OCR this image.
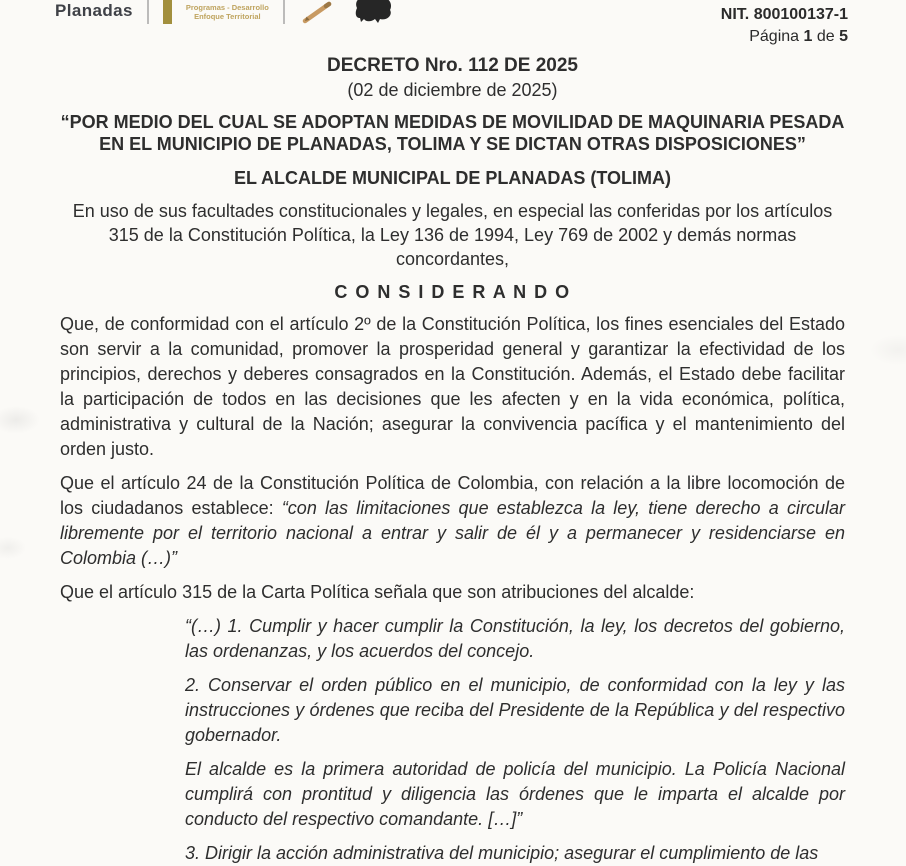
Planadas	Programas - Desarrollo
Enfoque Territorial	NIT. 800100137-1
Página 1 de 5
DECRETO Nro. 112 DE 2025
(02 de diciembre de 2025)
“POR MEDIO DEL CUAL SE ADOPTAN MEDIDAS DE MOVILIDAD DE MAQUINARIA PESADA EN EL MUNICIPIO DE PLANADAS, TOLIMA Y SE DICTAN OTRAS DISPOSICIONES”
EL ALCALDE MUNICIPAL DE PLANADAS (TOLIMA)

En uso de sus facultades constitucionales y legales, en especial las conferidas por los artículos 315 de la Constitución Política, la Ley 136 de 1994, Ley 769 de 2002 y demás normas concordantes,

C O N S I D E R A N D O

Que, de conformidad con el artículo 2º de la Constitución Política, los fines esenciales del Estado son servir a la comunidad, promover la prosperidad general y garantizar la efectividad de los principios, derechos y deberes consagrados en la Constitución. Además, el Estado debe facilitar la participación de todos en las decisiones que les afecten y en la vida económica, política, administrativa y cultural de la Nación; asegurar la convivencia pacífica y el mantenimiento del orden justo.

Que el artículo 24 de la Constitución Política de Colombia, con relación a la libre locomoción de los ciudadanos establece: “con las limitaciones que establezca la ley, tiene derecho a circular libremente por el territorio nacional a entrar y salir de él y a permanecer y residenciarse en Colombia (…)”

Que el artículo 315 de la Carta Política señala que son atribuciones del alcalde:

“(…) 1. Cumplir y hacer cumplir la Constitución, la ley, los decretos del gobierno, las ordenanzas, y los acuerdos del concejo.

2. Conservar el orden público en el municipio, de conformidad con la ley y las instrucciones y órdenes que reciba del Presidente de la República y del respectivo gobernador.

El alcalde es la primera autoridad de policía del municipio. La Policía Nacional cumplirá con prontitud y diligencia las órdenes que le imparta el alcalde por conducto del respectivo comandante. […]”

3. Dirigir la acción administrativa del municipio; asegurar el cumplimiento de las
